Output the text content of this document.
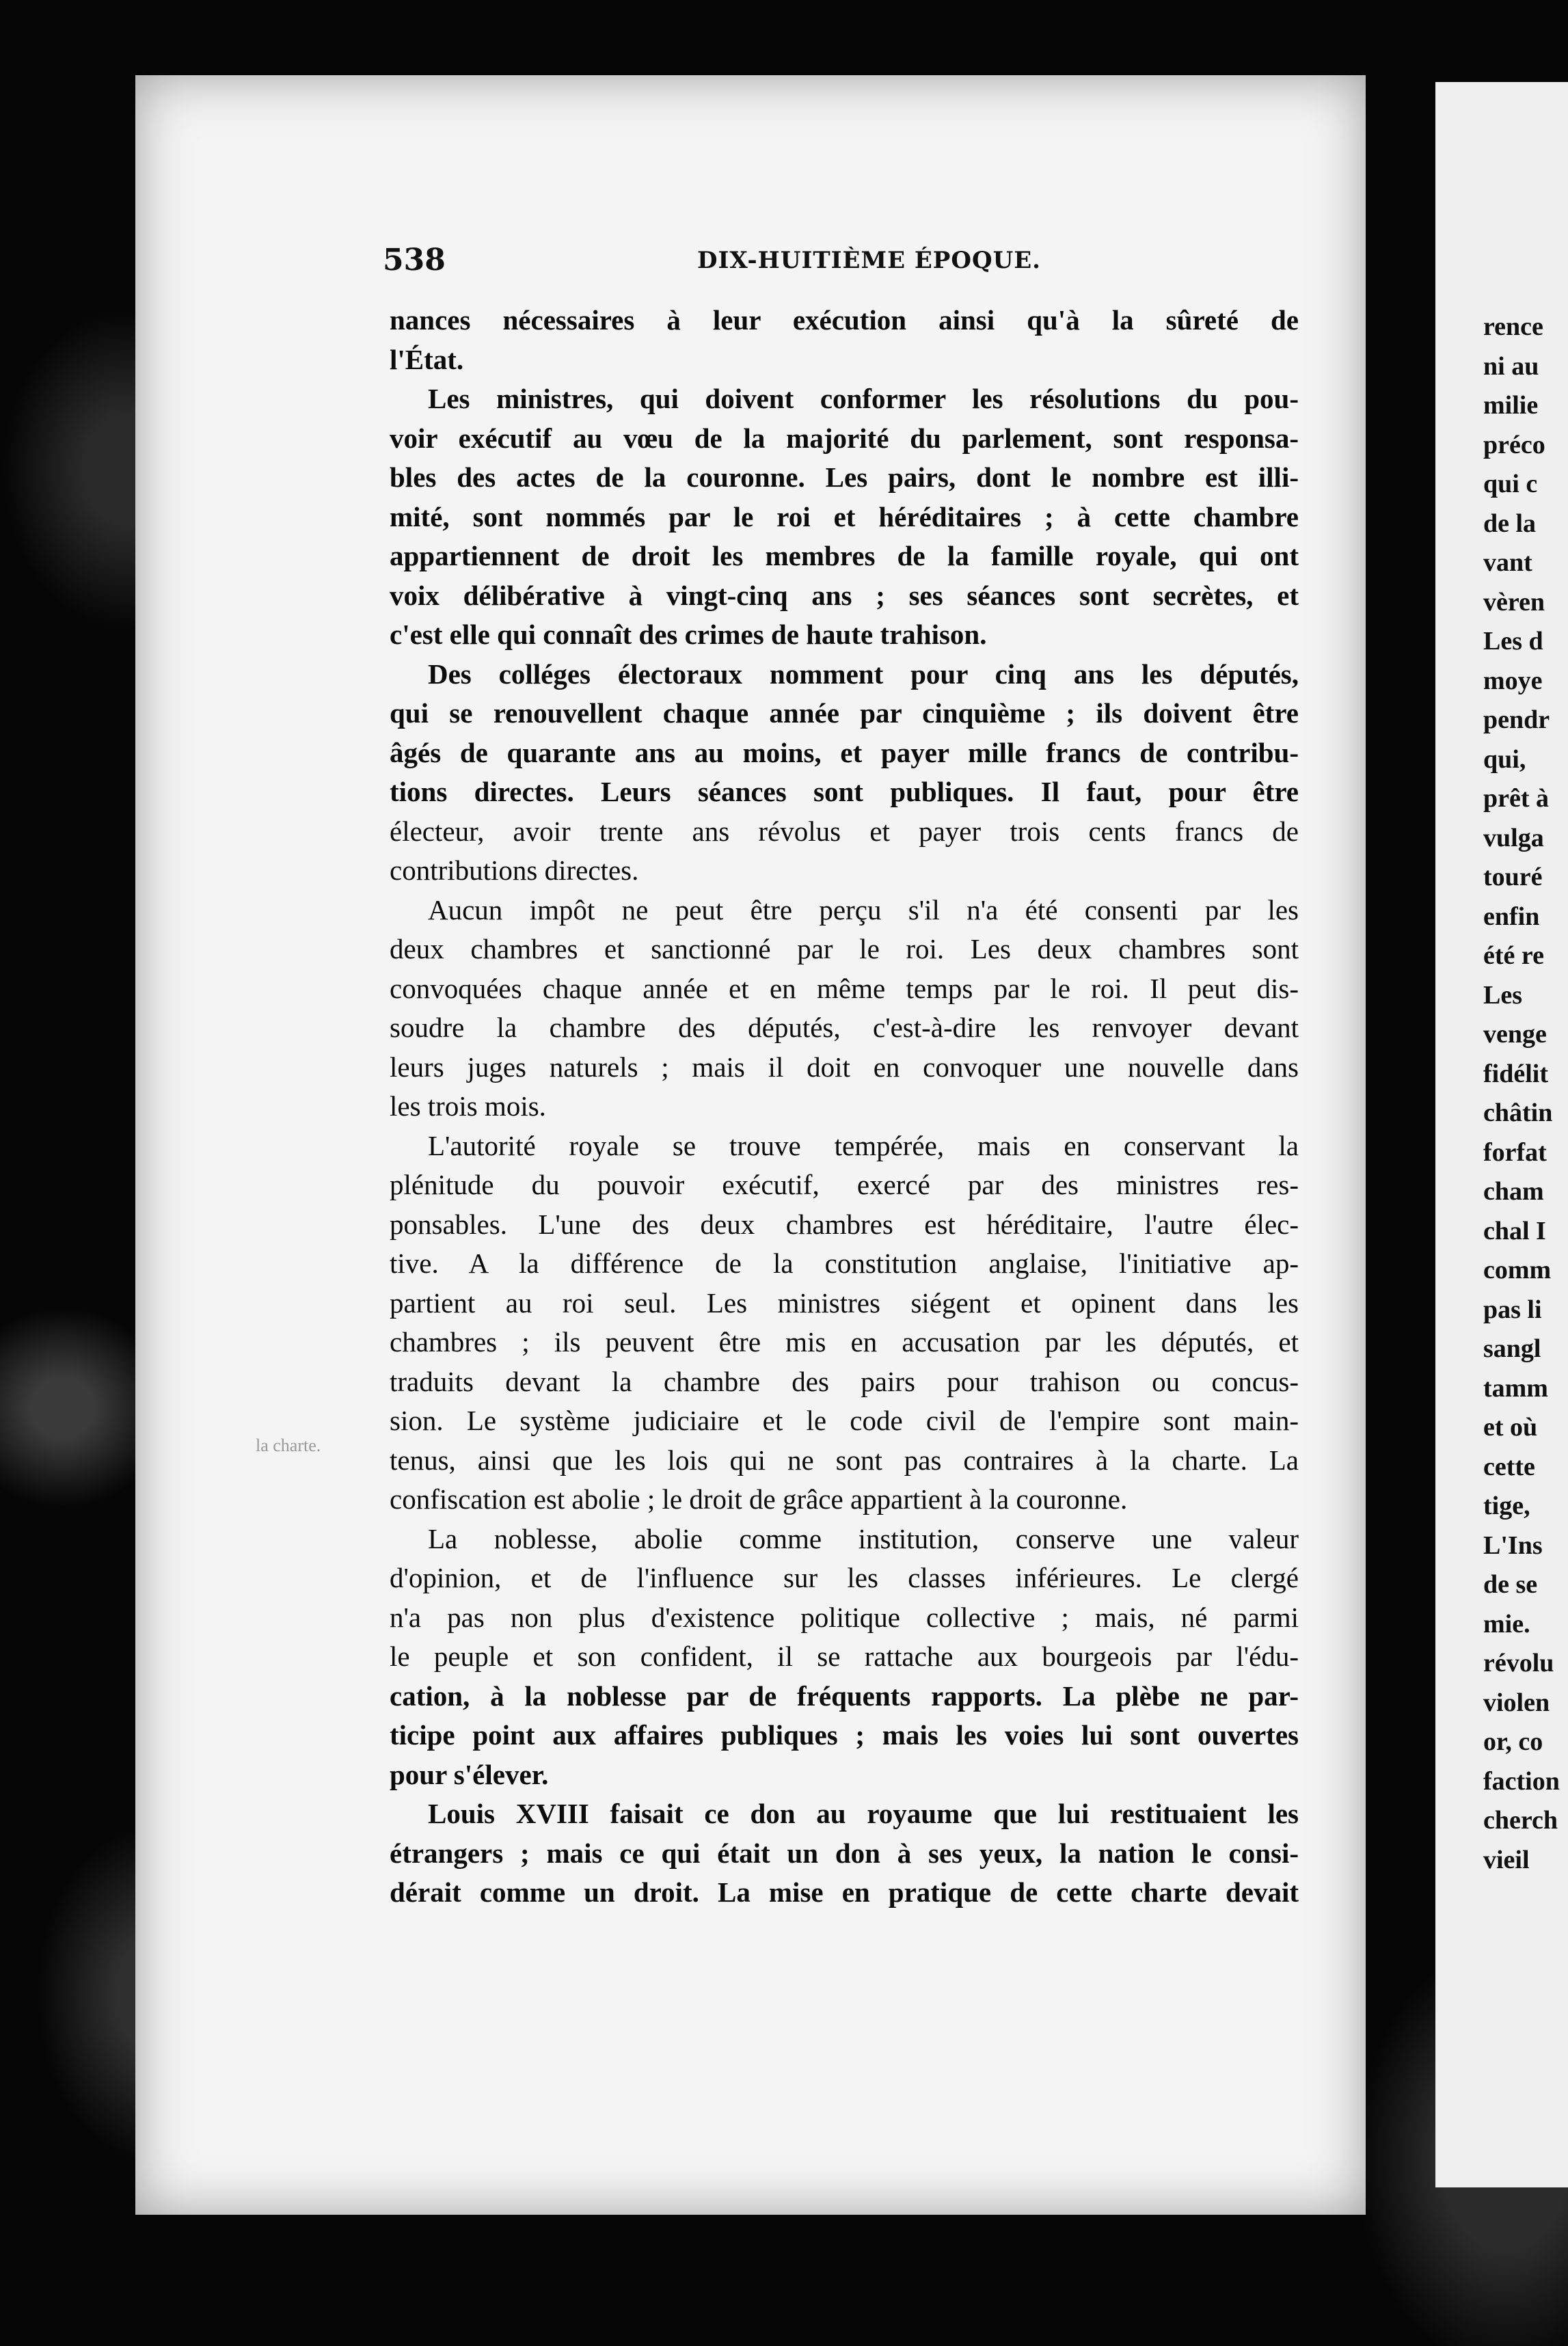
rence
ni au
milie
préco
qui c
de la
vant
vèren
Les d
moye
pendr
qui,
prêt à
vulga
touré
enfin
été re
Les
venge
fidélit
châtin
forfat
cham
chal I
comm
pas li
sangl
tamm
et où
cette
tige,
L'Ins
de se
mie.
révolu
violen
or, co
faction
cherch
vieil
538	DIX-HUITIÈME ÉPOQUE.
la charte.
nances nécessaires à leur exécution ainsi qu'à la sûreté de
l'État.
Les ministres, qui doivent conformer les résolutions du pou-
voir exécutif au vœu de la majorité du parlement, sont responsa-
bles des actes de la couronne. Les pairs, dont le nombre est illi-
mité, sont nommés par le roi et héréditaires ; à cette chambre
appartiennent de droit les membres de la famille royale, qui ont
voix délibérative à vingt-cinq ans ; ses séances sont secrètes, et
c'est elle qui connaît des crimes de haute trahison.
Des colléges électoraux nomment pour cinq ans les députés,
qui se renouvellent chaque année par cinquième ; ils doivent être
âgés de quarante ans au moins, et payer mille francs de contribu-
tions directes. Leurs séances sont publiques. Il faut, pour être
électeur, avoir trente ans révolus et payer trois cents francs de
contributions directes.
Aucun impôt ne peut être perçu s'il n'a été consenti par les
deux chambres et sanctionné par le roi. Les deux chambres sont
convoquées chaque année et en même temps par le roi. Il peut dis-
soudre la chambre des députés, c'est-à-dire les renvoyer devant
leurs juges naturels ; mais il doit en convoquer une nouvelle dans
les trois mois.
L'autorité royale se trouve tempérée, mais en conservant la
plénitude du pouvoir exécutif, exercé par des ministres res-
ponsables. L'une des deux chambres est héréditaire, l'autre élec-
tive. A la différence de la constitution anglaise, l'initiative ap-
partient au roi seul. Les ministres siégent et opinent dans les
chambres ; ils peuvent être mis en accusation par les députés, et
traduits devant la chambre des pairs pour trahison ou concus-
sion. Le système judiciaire et le code civil de l'empire sont main-
tenus, ainsi que les lois qui ne sont pas contraires à la charte. La
confiscation est abolie ; le droit de grâce appartient à la couronne.
La noblesse, abolie comme institution, conserve une valeur
d'opinion, et de l'influence sur les classes inférieures. Le clergé
n'a pas non plus d'existence politique collective ; mais, né parmi
le peuple et son confident, il se rattache aux bourgeois par l'édu-
cation, à la noblesse par de fréquents rapports. La plèbe ne par-
ticipe point aux affaires publiques ; mais les voies lui sont ouvertes
pour s'élever.
Louis XVIII faisait ce don au royaume que lui restituaient les
étrangers ; mais ce qui était un don à ses yeux, la nation le consi-
dérait comme un droit. La mise en pratique de cette charte devait
